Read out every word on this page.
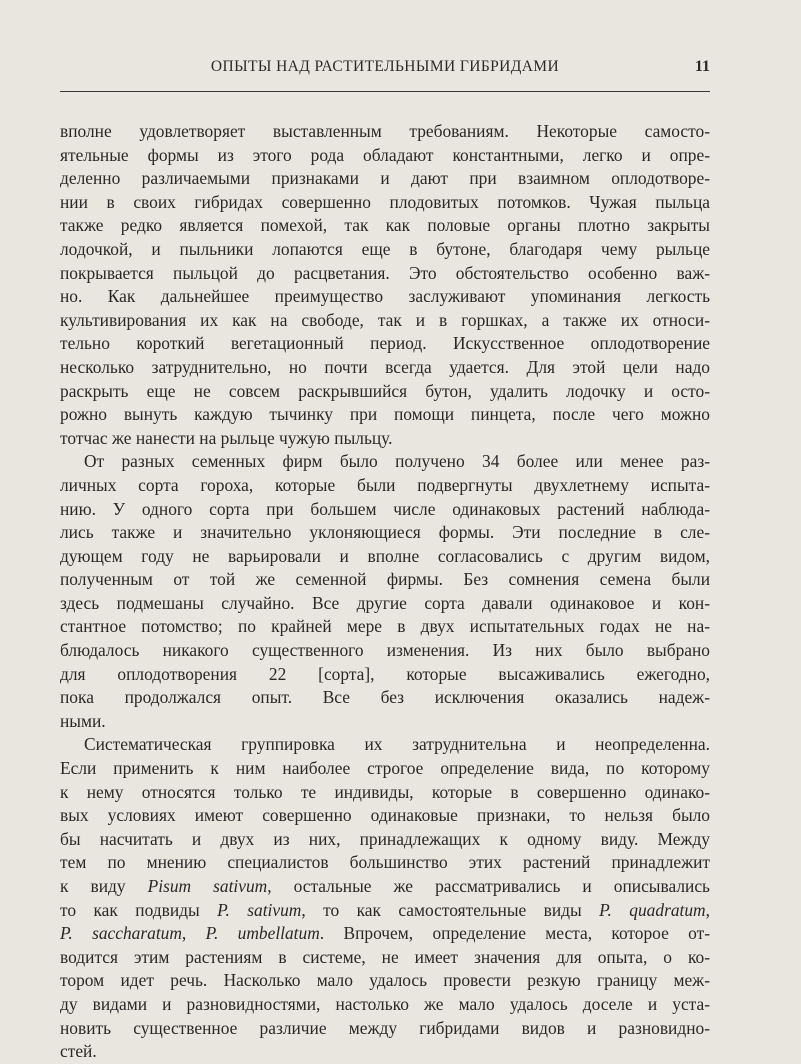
ОПЫТЫ НАД РАСТИТЕЛЬНЫМИ ГИБРИДАМИ	11
вполне удовлетворяет выставленным требованиям. Некоторые самосто-
ятельные формы из этого рода обладают константными, легко и опре-
деленно различаемыми признаками и дают при взаимном оплодотворе-
нии в своих гибридах совершенно плодовитых потомков. Чужая пыльца
также редко является помехой, так как половые органы плотно закрыты
лодочкой, и пыльники лопаются еще в бутоне, благодаря чему рыльце
покрывается пыльцой до расцветания. Это обстоятельство особенно важ-
но. Как дальнейшее преимущество заслуживают упоминания легкость
культивирования их как на свободе, так и в горшках, а также их относи-
тельно короткий вегетационный период. Искусственное оплодотворение
несколько затруднительно, но почти всегда удается. Для этой цели надо
раскрыть еще не совсем раскрывшийся бутон, удалить лодочку и осто-
рожно вынуть каждую тычинку при помощи пинцета, после чего можно
тотчас же нанести на рыльце чужую пыльцу.
От разных семенных фирм было получено 34 более или менее раз-
личных сорта гороха, которые были подвергнуты двухлетнему испыта-
нию. У одного сорта при большем числе одинаковых растений наблюда-
лись также и значительно уклоняющиеся формы. Эти последние в сле-
дующем году не варьировали и вполне согласовались с другим видом,
полученным от той же семенной фирмы. Без сомнения семена были
здесь подмешаны случайно. Все другие сорта давали одинаковое и кон-
стантное потомство; по крайней мере в двух испытательных годах не на-
блюдалось никакого существенного изменения. Из них было выбрано
для оплодотворения 22 [сорта], которые высаживались ежегодно,
пока продолжался опыт. Все без исключения оказались надеж-
ными.
Систематическая группировка их затруднительна и неопределенна.
Если применить к ним наиболее строгое определение вида, по которому
к нему относятся только те индивиды, которые в совершенно одинако-
вых условиях имеют совершенно одинаковые признаки, то нельзя было
бы насчитать и двух из них, принадлежащих к одному виду. Между
тем по мнению специалистов большинство этих растений принадлежит
к виду Pisum sativum, остальные же рассматривались и описывались
то как подвиды P. sativum, то как самостоятельные виды P. quadratum,
P. saccharatum, P. umbellatum. Впрочем, определение места, которое от-
водится этим растениям в системе, не имеет значения для опыта, о ко-
тором идет речь. Насколько мало удалось провести резкую границу меж-
ду видами и разновидностями, настолько же мало удалось доселе и уста-
новить существенное различие между гибридами видов и разновидно-
стей.
